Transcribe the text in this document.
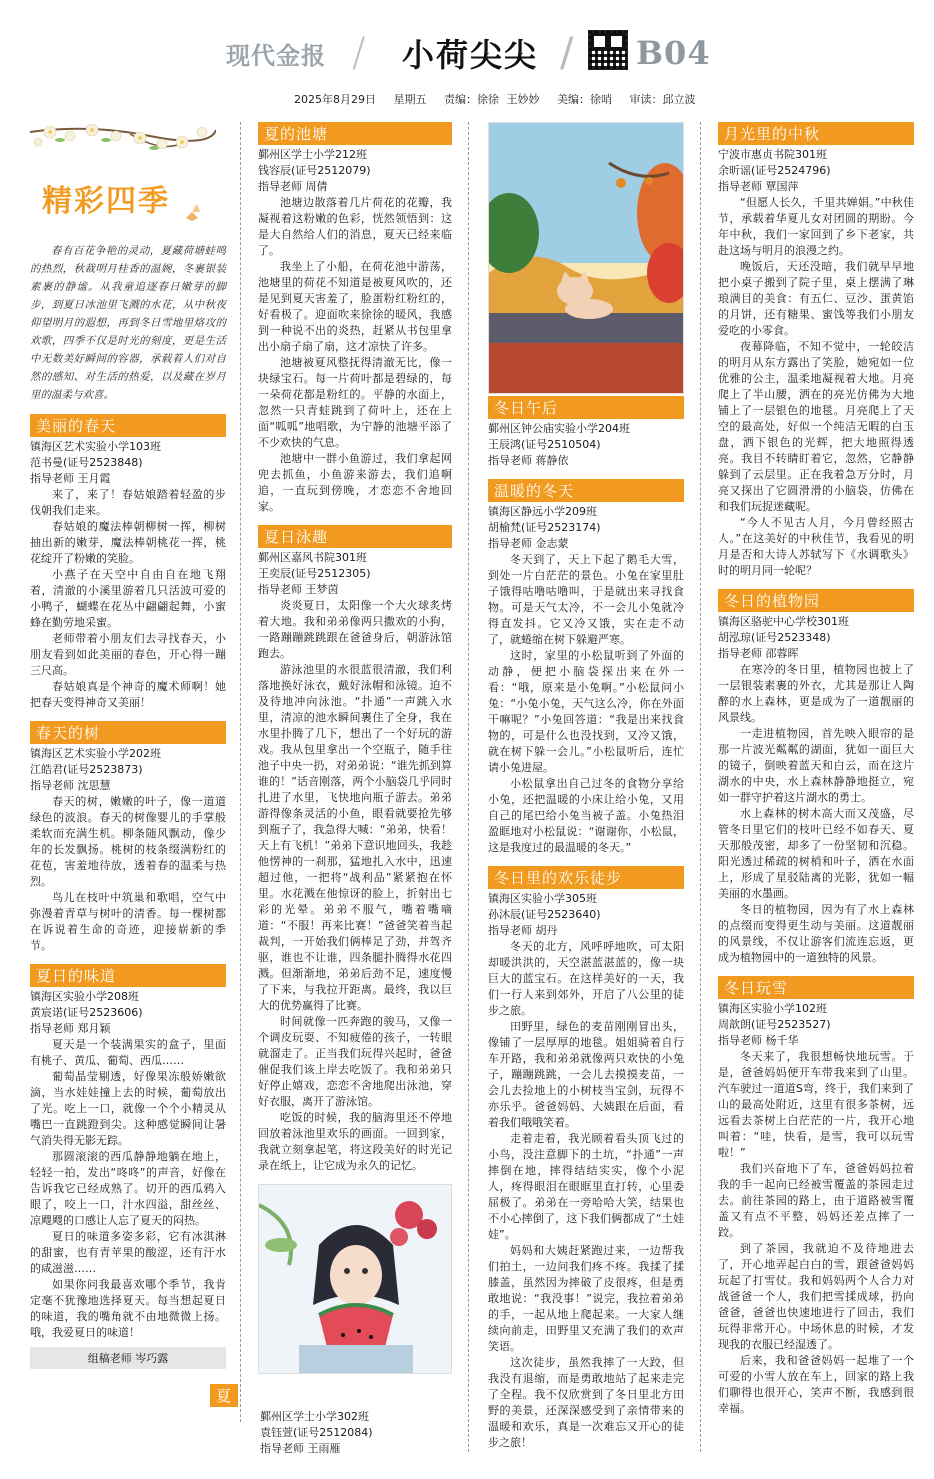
现代金报 / 小荷尖尖 / B04
2025年8月29日 星期五 责编：徐徐 王妙妙 美编：徐哨 审读：邱立波
精彩四季

春有百花争艳的灵动，夏藏荷塘蛙鸣的热烈，秋裁明月桂香的温婉，冬裹银装素裹的静谧。从我童追逐春日嫩芽的脚步，到夏日冰池里飞溅的水花，从中秋夜仰望明月的遐想，再到冬日雪地里烙攻的欢歌，四季不仅是时光的刻度，更是生活中无数美好瞬间的容器，承载着人们对自然的感知、对生活的热爱，以及藏在岁月里的温柔与欢喜。

美丽的春天
镇海区艺术实验小学103班
范书曼(证号2523848)
指导老师 王月霞

来了，来了！春姑娘踏着轻盈的步伐朝我们走来。

春姑娘的魔法棒朝柳树一挥，柳树抽出新的嫩芽，魔法棒朝桃花一挥，桃花绽开了粉嫩的笑脸。

小燕子在天空中自由自在地飞翔着，清澈的小溪里游着几只活波可爱的小鸭子，蝴蝶在花丛中翩翩起舞，小蜜蜂在勤劳地采蜜。

老师带着小朋友们去寻找春天，小朋友看到如此美丽的春色，开心得一蹦三尺高。

春姑娘真是个神奇的魔术师啊！她把春天变得神奇又美丽！

春天的树
镇海区艺术实验小学202班
江皓君(证号2523873)
指导老师 沈思慧

春天的树，嫩嫩的叶子，像一道道绿色的波浪。春天的树像婴儿的手掌般柔软而充满生机。柳条随风飘动，像少年的长发飘扬。桃树的枝条缀满粉红的花苞，害羞地待放，透着春的温柔与热烈。

鸟儿在枝叶中筑巢和歌唱，空气中弥漫着青草与树叶的清香。每一棵树都在诉说着生命的奇迹，迎接崭新的季节。

夏日的味道
镇海区实验小学208班
黄宸诺(证号2523606)
指导老师 郑月颖

夏天是一个装满果实的盒子，里面有桃子、黄瓜、葡萄、西瓜……

葡萄晶莹剔透，好像果冻般娇嫩欲滴，当水娃娃撞上去的时候，葡萄放出了光。吃上一口，就像一个个小精灵从嘴巴一直跳蹬到尖。这种感觉瞬间让暑气消失得无影无踪。

那圆滚滚的西瓜静静地躺在地上，轻轻一拍，发出“咚咚”的声音，好像在告诉我它已经成熟了。切开的西瓜鸦入眼了，咬上一口，汁水四溢，甜丝丝、凉飕飕的口感让人忘了夏天的闷热。

夏日的味道多姿多彩，它有冰淇淋的甜蜜，也有青苹果的酸涩，还有汗水的咸滋滋……

如果你问我最喜欢哪个季节，我肯定毫不犹豫地选择夏天。每当想起夏日的味道，我的嘴角就不由地微微上扬。哦，我爱夏日的味道！

组稿老师 岑巧露
夏的池塘
鄞州区学士小学212班
钱容辰(证号2512079)
指导老师 周倩

池塘边散落着几片荷花的花瓣，我凝视着这粉嫩的色彩，恍然领悟到：这是大自然给人们的消息，夏天已经来临了。

我坐上了小船，在荷花池中游荡，池塘里的荷花不知道是被夏风吹的，还是见到夏天害羞了，脸蛋粉红粉红的，好看极了。迎面吹来徐徐的暖风，我感到一种说不出的炎热，赶紧从书包里拿出小扇子扇了扇，这才凉快了许多。

池塘被夏风整抚得清澈无比，像一块绿宝石。每一片荷叶都是碧绿的，每一朵荷花都是粉红的。平静的水面上，忽然一只青蛙跳到了荷叶上，还在上面“呱呱”地唱歌，为宁静的池塘平添了不少欢快的气息。

池塘中一群小鱼游过，我们拿起网兜去抓鱼，小鱼游来游去，我们追啊追，一直玩到傍晚，才恋恋不舍地回家。

夏日泳趣
鄞州区嘉风书院301班
王奕辰(证号2512305)
指导老师 王梦茵

炎炎夏日，太阳像一个大火球炙烤着大地。我和弟弟像两只撒欢的小狗，一路蹦蹦跳跳跟在爸爸身后，朝游泳馆跑去。

游泳池里的水很蓝很清澈，我们利落地换好泳衣，戴好泳帽和泳镜。迫不及待地冲向泳池。“扑通”一声跳入水里，清凉的池水瞬间裹住了全身，我在水里扑腾了几下，想出了一个好玩的游戏。我从包里拿出一个空瓶子，随手往池子中央一扔，对弟弟说：“谁先抓到算谁的！”话音刚落，两个小脑袋几乎同时扎进了水里，飞快地向瓶子游去。弟弟游得像条灵活的小鱼，眼看就要抢先够到瓶子了，我急得大喊：“弟弟，快看！天上有飞机！”弟弟下意识地回头，我趁他愣神的一刹那，猛地扎入水中，迅速超过他，一把将“战利品”紧紧抱在怀里。水花溅在他惊讶的脸上，折射出七彩的光晕。弟弟不服气，嘴着嘴嘀道：“不服！再来比赛！”爸爸笑着当起裁判，一开始我们俩棒足了劲，并驾齐驱，谁也不让谁，四条腿扑腾得水花四溅。但渐渐地，弟弟后劲不足，速度慢了下来，与我拉开距离。最终，我以巨大的优势赢得了比赛。

时间就像一匹奔跑的骏马，又像一个调皮玩耍、不知疲倦的孩子，一转眼就溜走了。正当我们玩得兴起时，爸爸催促我们该上岸去吃饭了。我和弟弟只好停止嬉戏，恋恋不舍地爬出泳池，穿好衣服，离开了游泳馆。

吃饭的时候，我的脑海里还不停地回放着泳池里欢乐的画面。一回到家，我就立刻拿起笔，将这段美好的时光记录在纸上，让它成为永久的记忆。

冬日午后
鄞州区钟公庙实验小学204班
王辰鸿(证号2510504)
指导老师 蒋静依
温暖的冬天
镇海区静远小学209班
胡榆梵(证号2523174)
指导老师 金志蒙

冬天到了，天上下起了鹅毛大雪，到处一片白茫茫的景色。小兔在家里肚子饿得咕噜咕噜叫，于是就出来寻找食物。可是天气太冷，不一会儿小兔就冷得直发抖。它又冷又饿，实在走不动了，就蜷缩在树下躲避严寒。

这时，家里的小松鼠听到了外面的动静，便把小脑袋探出来在外一看：“哦，原来是小兔啊。”小松鼠问小兔：“小兔小兔，天气这么冷，你在外面干嘛呢？”小兔回答道：“我是出来找食物的，可是什么也没找到，又冷又饿，就在树下躲一会儿。”小松鼠听后，连忙请小兔进屋。

小松鼠拿出自己过冬的食物分享给小兔，还把温暖的小床让给小兔，又用自己的尾巴给小兔当被子盖。小兔热泪盈眶地对小松鼠说：“谢谢你，小松鼠，这是我度过的最温暖的冬天。”

冬日里的欢乐徒步
镇海区实验小学305班
孙沐辰(证号2523640)
指导老师 胡丹

冬天的北方，风呼呼地吹，可太阳却暖洪洪的，天空湛蓝湛蓝的，像一块巨大的蓝宝石。在这样美好的一天，我们一行人来到郊外，开启了八公里的徒步之旅。

田野里，绿色的麦苗刚刚冒出头，像铺了一层厚厚的地毯。姐姐骑着自行车开路，我和弟弟就像两只欢快的小兔子，蹦蹦跳跳，一会儿去摸摸麦苗，一会儿去捡地上的小树枝当宝剑，玩得不亦乐乎。爸爸妈妈、大姨跟在后面，看着我们哦哦笑着。

走着走着，我光顾着看头顶飞过的小鸟，没注意脚下的土坑，“扑通”一声摔倒在地，摔得结结实实，像个小泥人，疼得眼泪在眼眶里直打转，心里委屈极了。弟弟在一旁哈哈大笑，结果也不小心摔倒了，这下我们俩都成了“土娃娃”。

妈妈和大姨赶紧跑过来，一边帮我们拍土，一边问我们疼不疼。我揉了揉膝盖，虽然因为摔破了皮很疼，但是勇敢地说：“我没事！”说完，我拉着弟弟的手，一起从地上爬起来。一大家人继续向前走，田野里又充满了我们的欢声笑语。

这次徒步，虽然我摔了一大跤，但我没有退缩，而是勇敢地站了起来走完了全程。我不仅欣赏到了冬日里北方田野的美景，还深深感受到了亲情带来的温暖和欢乐，真是一次难忘又开心的徒步之旅！

月光里的中秋
宁波市惠贞书院301班
余昕谣(证号2524796)
指导老师 覃国萍

“但愿人长久，千里共婵娟。”中秋佳节，承载着华夏儿女对团圆的期盼。今年中秋，我们一家回到了乡下老家，共赴这场与明月的浪漫之约。

晚饭后，天还没暗，我们就早早地把小桌子搬到了院子里，桌上摆满了琳琅满目的美食：有五仁、豆沙、蛋黄馅的月饼，还有糖果、蜜饯等我们小朋友爱吃的小零食。

夜幕降临，不知不觉中，一轮皎洁的明月从东方露出了笑脸，她宛如一位优雅的公主，温柔地凝视着大地。月亮爬上了半山腰，洒在的亮光仿佛为大地铺上了一层银色的地毯。月亮爬上了天空的最高处，好似一个纯洁无暇的白玉盘，洒下银色的光辉，把大地照得透亮。我目不转睛盯着它，忽然，它静静躲到了云层里。正在我着急万分时，月亮又探出了它圆滑滑的小脑袋，仿佛在和我们玩捉迷藏呢。

“今人不见古人月，今月曾经照古人。”在这美好的中秋佳节，我看见的明月是否和大诗人苏轼写下《水调歌头》时的明月同一轮呢？

冬日的植物园
镇海区骆驼中心学校301班
胡泓琼(证号2523348)
指导老师 邵蓉晖

在寒冷的冬日里，植物园也披上了一层银装素裹的外衣，尤其是那让人陶醉的水上森林，更是成为了一道靓丽的风景线。

一走进植物园，首先映入眼帘的是那一片波光粼粼的湖面，犹如一面巨大的镜子，倒映着蓝天和白云，而在这片湖水的中央，水上森林静静地挺立，宛如一群守护着这片湖水的勇士。

水上森林的树木高大而又茂盛，尽管冬日里它们的枝叶已经不如春天、夏天那般茂密，却多了一份坚韧和沉稳。阳光透过稀疏的树梢和叶子，洒在水面上，形成了星驳陆离的光影，犹如一幅美丽的水墨画。

冬日的植物园，因为有了水上森林的点缀而变得更生动与美丽。这道靓丽的风景线，不仅让游客们流连忘返，更成为植物园中的一道独特的风景。

冬日玩雪
镇海区实验小学102班
周歆朗(证号2523527)
指导老师 杨千华

冬天来了，我很想畅快地玩雪。于是，爸爸妈妈便开车带我来到了山里。汽车驶过一道道S弯，终于，我们来到了山的最高处附近，这里有很多茶树，远远看去茶树上白茫茫的一片，我开心地叫着：“哇，快看，是雪，我可以玩雪啦！”

我们兴奋地下了车，爸爸妈妈拉着我的手一起向已经被雪覆盖的茶园走过去。前往茶园的路上，由于道路被雪覆盖又有点不平整，妈妈还差点摔了一跤。

到了茶园，我就迫不及待地进去了，开心地弄起白白的雪，跟爸爸妈妈玩起了打雪仗。我和妈妈两个人合力对战爸爸一个人，我们把雪揉成球，扔向爸爸，爸爸也快速地进行了回击，我们玩得非常开心。中场休息的时候，才发现我的衣服已经湿透了。

后来，我和爸爸妈妈一起堆了一个可爱的小雪人放在车上，回家的路上我们聊得也很开心，笑声不断，我感到很幸福。

夏
鄞州区学士小学302班
袁钰萱(证号2512084)
指导老师 王雨雁
